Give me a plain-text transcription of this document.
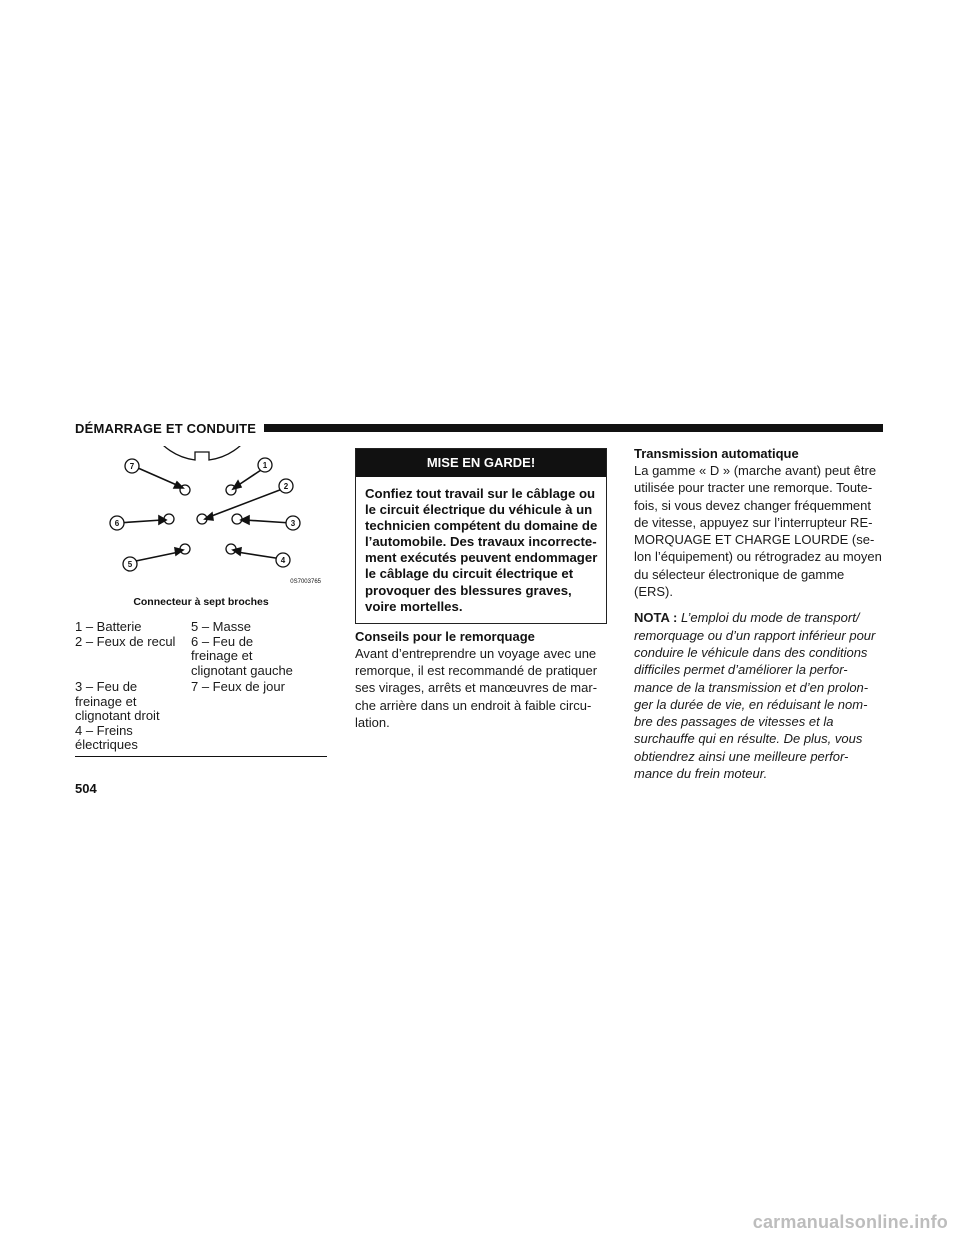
DÉMARRAGE ET CONDUITE
7	1
2
3
4
6
5
0S7003765
Connecteur à sept broches
1 – Batterie
2 – Feux de recul
5 – Masse
6 – Feu de
freinage et
clignotant gauche
3 – Feu de
freinage et
clignotant droit
4 – Freins
électriques
7 – Feux de jour
MISE EN GARDE!
Confiez tout travail sur le câblage ou le circuit électrique du véhicule à un technicien compétent du domaine de l’automobile. Des travaux incorrecte-ment exécutés peuvent endommager le câblage du circuit électrique et provoquer des blessures graves, voire mortelles.
Conseils pour le remorquage

Avant d’entreprendre un voyage avec une remorque, il est recommandé de pratiquer ses virages, arrêts et manœuvres de mar-che arrière dans un endroit à faible circu-lation.

Transmission automatique

La gamme « D » (marche avant) peut être utilisée pour tracter une remorque. Toute-fois, si vous devez changer fréquemment de vitesse, appuyez sur l’interrupteur RE-MORQUAGE ET CHARGE LOURDE (se-lon l’équipement) ou rétrogradez au moyen du sélecteur électronique de gamme (ERS).

NOTA : L’emploi du mode de transport/ remorquage ou d’un rapport inférieur pour conduire le véhicule dans des conditions difficiles permet d’améliorer la perfor-mance de la transmission et d’en prolon-ger la durée de vie, en réduisant le nom-bre des passages de vitesses et la surchauffe qui en résulte. De plus, vous obtiendrez ainsi une meilleure perfor-mance du frein moteur.
504
carmanualsonline.info
